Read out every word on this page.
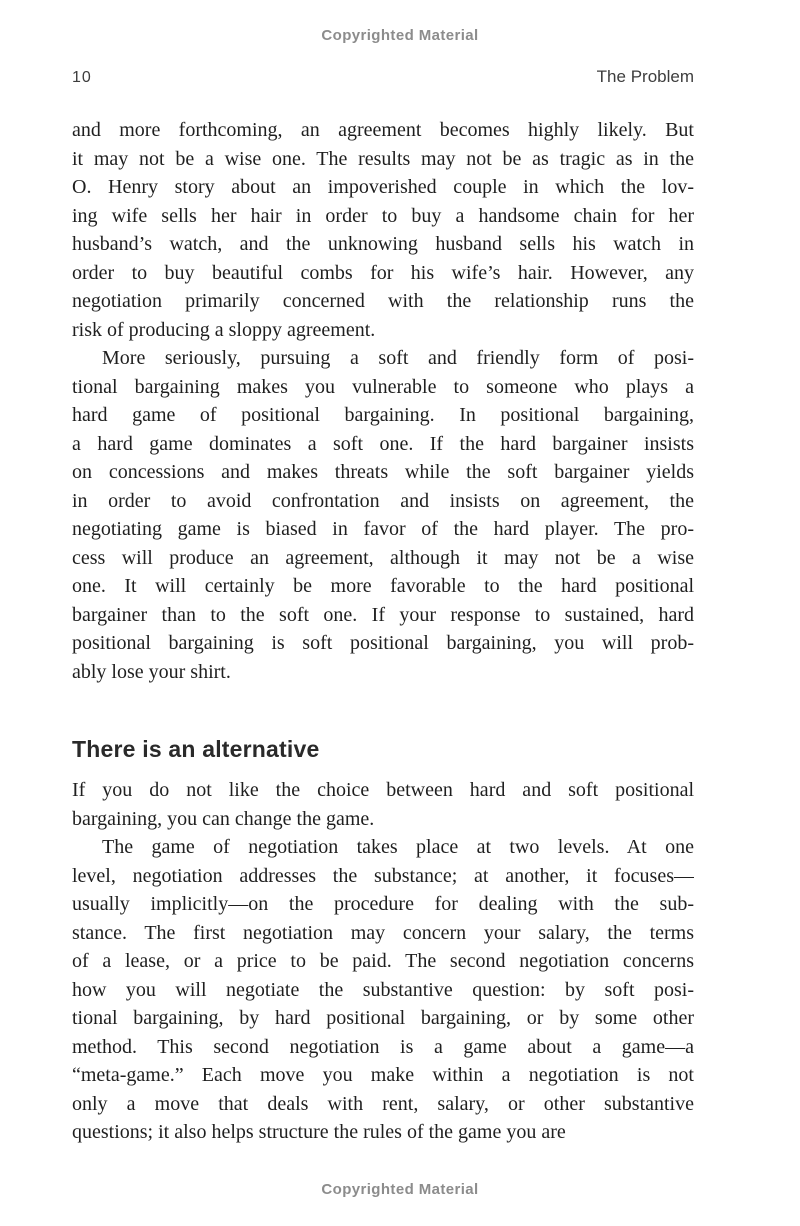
Copyrighted Material
10	The Problem
and more forthcoming, an agreement becomes highly likely. But
it may not be a wise one. The results may not be as tragic as in the
O. Henry story about an impoverished couple in which the lov-
ing wife sells her hair in order to buy a handsome chain for her
husband’s watch, and the unknowing husband sells his watch in
order to buy beautiful combs for his wife’s hair. However, any
negotiation primarily concerned with the relationship runs the
risk of producing a sloppy agreement.
More seriously, pursuing a soft and friendly form of posi-
tional bargaining makes you vulnerable to someone who plays a
hard game of positional bargaining. In positional bargaining,
a hard game dominates a soft one. If the hard bargainer insists
on concessions and makes threats while the soft bargainer yields
in order to avoid confrontation and insists on agreement, the
negotiating game is biased in favor of the hard player. The pro-
cess will produce an agreement, although it may not be a wise
one. It will certainly be more favorable to the hard positional
bargainer than to the soft one. If your response to sustained, hard
positional bargaining is soft positional bargaining, you will prob-
ably lose your shirt.
There is an alternative
If you do not like the choice between hard and soft positional
bargaining, you can change the game.
The game of negotiation takes place at two levels. At one
level, negotiation addresses the substance; at another, it focuses—
usually implicitly—on the procedure for dealing with the sub-
stance. The first negotiation may concern your salary, the terms
of a lease, or a price to be paid. The second negotiation concerns
how you will negotiate the substantive question: by soft posi-
tional bargaining, by hard positional bargaining, or by some other
method. This second negotiation is a game about a game—a
“meta-game.” Each move you make within a negotiation is not
only a move that deals with rent, salary, or other substantive
questions; it also helps structure the rules of the game you are
Copyrighted Material
